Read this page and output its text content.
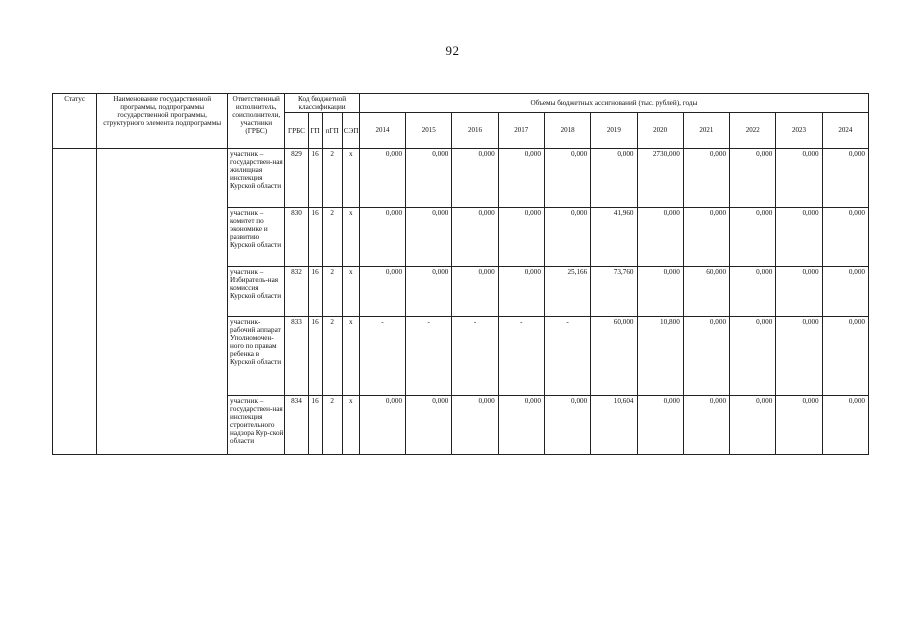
92
Статус	Наименование государственной программы, подпрограммы государственной программы, структурного элемента подпрограммы	Ответственный исполнитель, соисполнители, участники (ГРБС)	Код бюджетной классификации				Объемы бюджетных ассигнований (тыс. рублей), годы										
			ГРБС	ГП	пГП	СЭП	2014	2015	2016	2017	2018	2019	2020	2021	2022	2023	2024
		участник – государствен-ная жилищная инспекция Курской области	829	16	2	х	0,000	0,000	0,000	0,000	0,000	0,000	2730,000	0,000	0,000	0,000	0,000
		участник – комитет по экономике и развитию Курской области	830	16	2	х	0,000	0,000	0,000	0,000	0,000	41,960	0,000	0,000	0,000	0,000	0,000
		участник – Избиратель-ная комиссия Курской области	832	16	2	х	0,000	0,000	0,000	0,000	25,166	73,760	0,000	60,000	0,000	0,000	0,000
		участник- рабочий аппарат Уполномочен-ного по правам ребенка в Курской области	833	16	2	х	-	-	-	-	-	60,000	10,800	0,000	0,000	0,000	0,000
		участник – государствен-ная инспекция строительного надзора Кур-ской области	834	16	2	х	0,000	0,000	0,000	0,000	0,000	10,604	0,000	0,000	0,000	0,000	0,000
